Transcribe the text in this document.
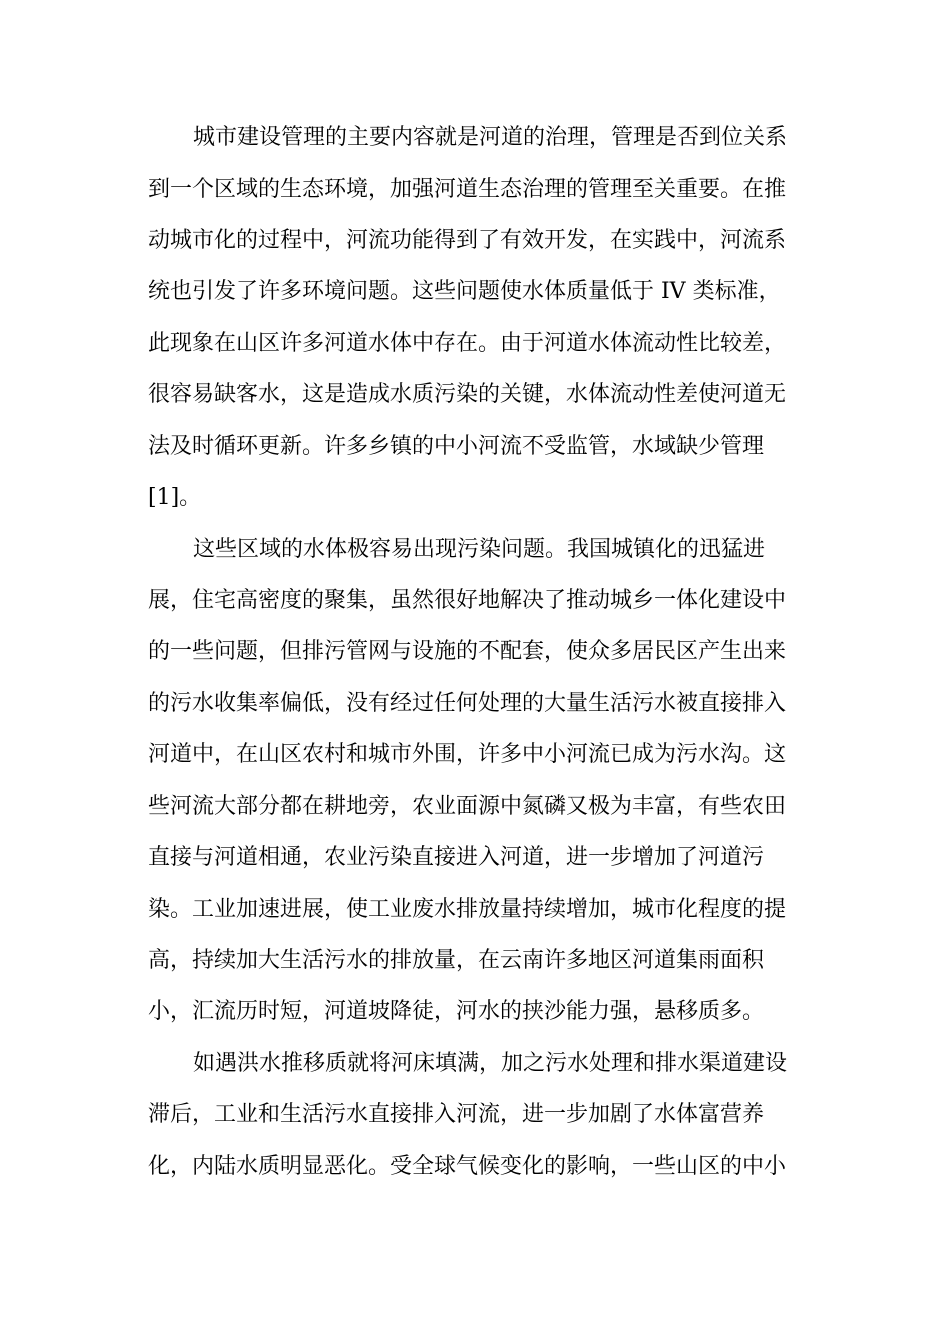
城市建设管理的主要内容就是河道的治理，管理是否到位关系
到一个区域的生态环境，加强河道生态治理的管理至关重要。在推
动城市化的过程中，河流功能得到了有效开发，在实践中，河流系
统也引发了许多环境问题。这些问题使水体质量低于 IV 类标准，
此现象在山区许多河道水体中存在。由于河道水体流动性比较差，
很容易缺客水，这是造成水质污染的关键，水体流动性差使河道无
法及时循环更新。许多乡镇的中小河流不受监管，水域缺少管理
[1]。
这些区域的水体极容易出现污染问题。我国城镇化的迅猛进
展，住宅高密度的聚集，虽然很好地解决了推动城乡一体化建设中
的一些问题，但排污管网与设施的不配套，使众多居民区产生出来
的污水收集率偏低，没有经过任何处理的大量生活污水被直接排入
河道中，在山区农村和城市外围，许多中小河流已成为污水沟。这
些河流大部分都在耕地旁，农业面源中氮磷又极为丰富，有些农田
直接与河道相通，农业污染直接进入河道，进一步增加了河道污
染。工业加速进展，使工业废水排放量持续增加，城市化程度的提
高，持续加大生活污水的排放量，在云南许多地区河道集雨面积
小，汇流历时短，河道坡降徒，河水的挟沙能力强，悬移质多。
如遇洪水推移质就将河床填满，加之污水处理和排水渠道建设
滞后，工业和生活污水直接排入河流，进一步加剧了水体富营养
化，内陆水质明显恶化。受全球气候变化的影响，一些山区的中小
